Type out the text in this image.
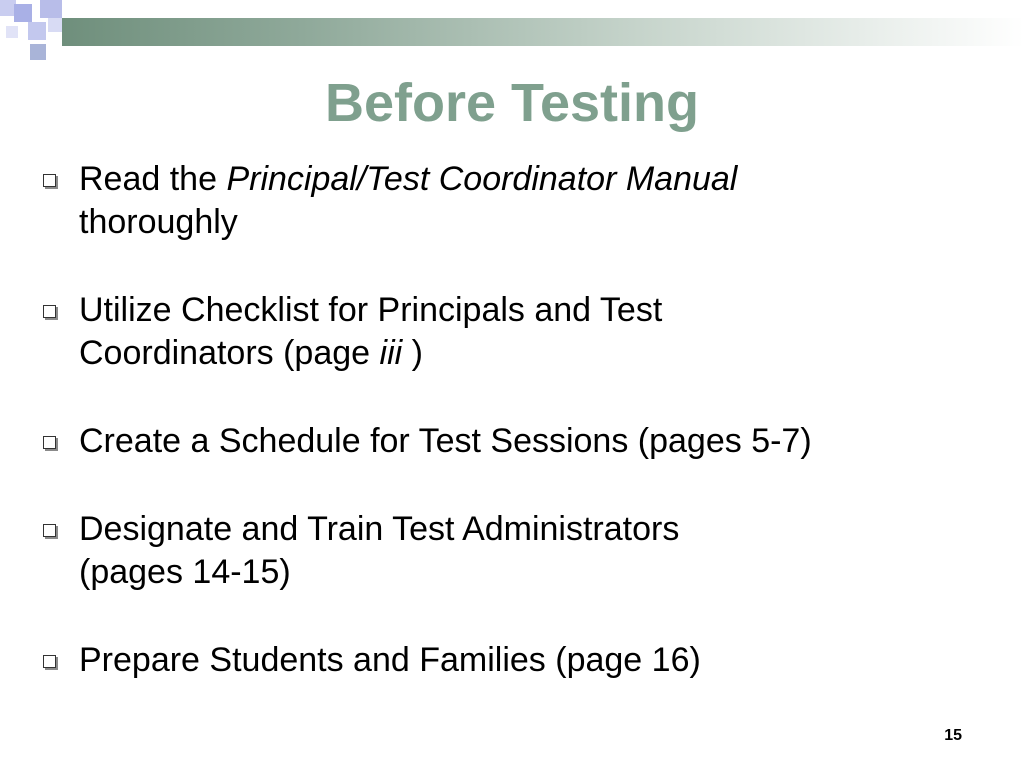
Before Testing
Read the Principal/Test Coordinator Manual
thoroughly
Utilize Checklist for Principals and Test
Coordinators (page iii )
Create a Schedule for Test Sessions (pages 5-7)
Designate and Train Test Administrators
(pages 14-15)
Prepare Students and Families (page 16)
15
